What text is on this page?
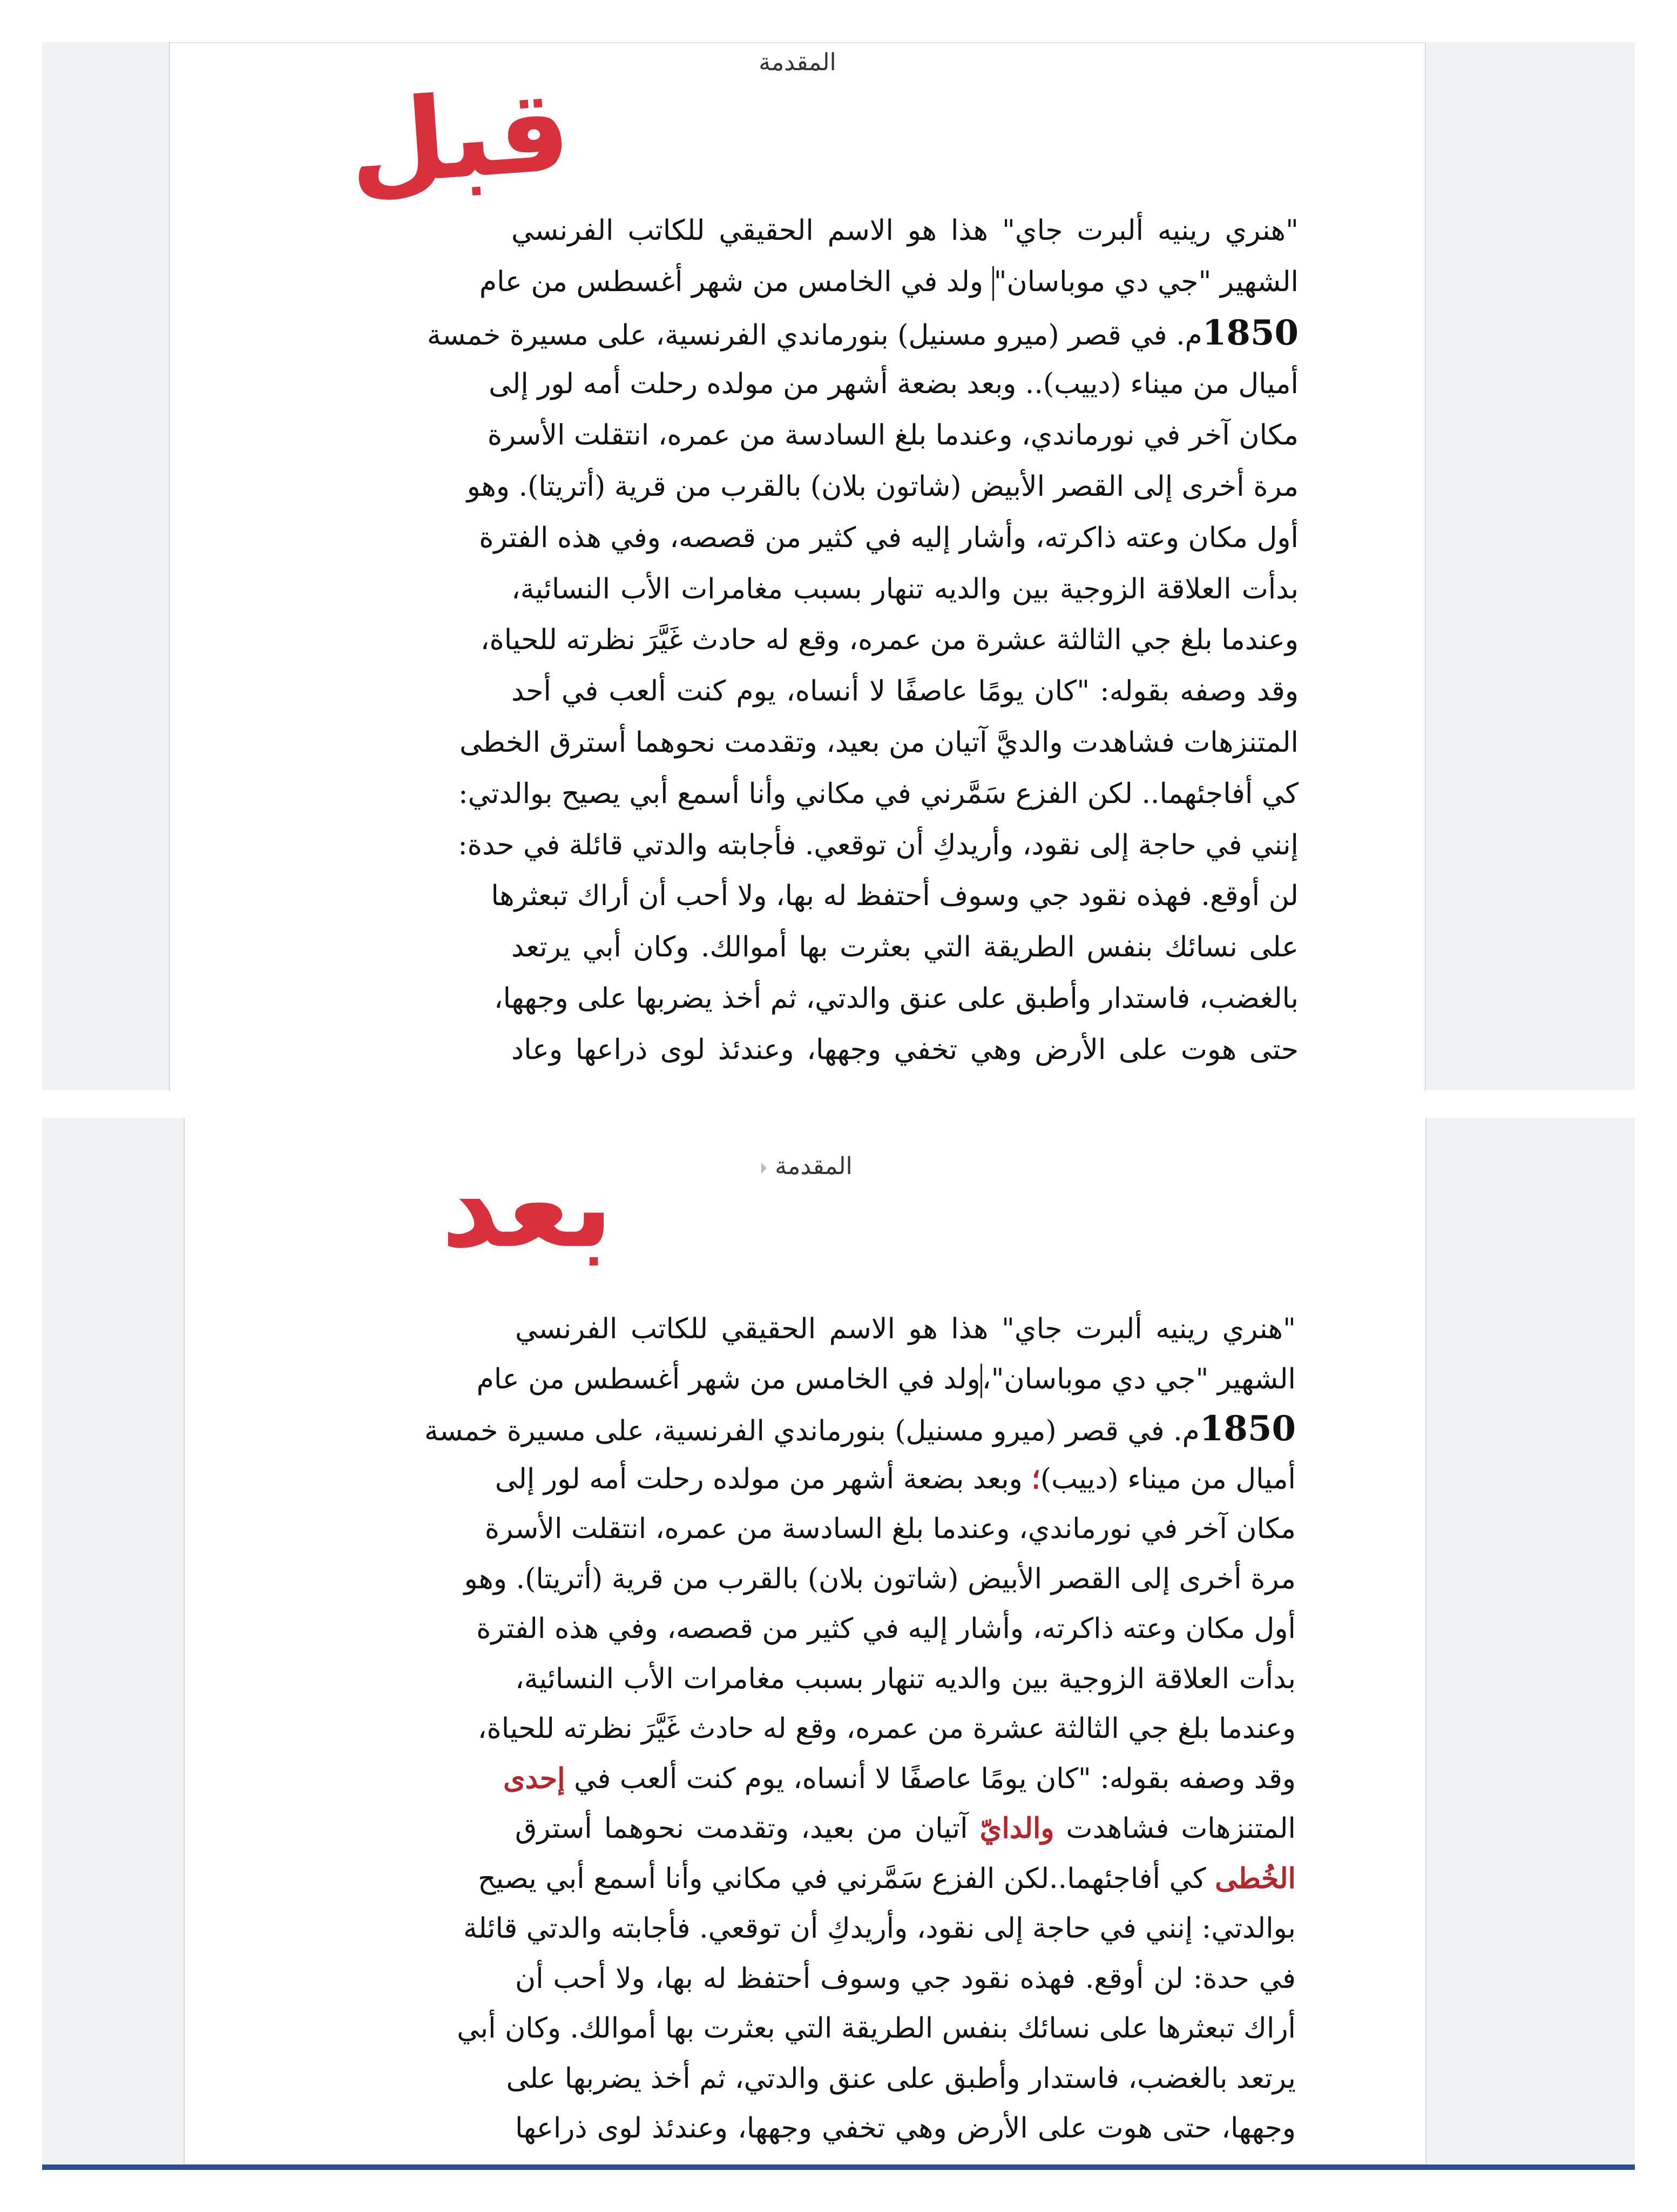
المقدمة
قبل
"هنري رينيه ألبرت جاي" هذا هو الاسم الحقيقي للكاتب الفرنسي
الشهير "جي دي موباسان" ولد في الخامس من شهر أغسطس من عام
1850م. في قصر (ميرو مسنيل) بنورماندي الفرنسية، على مسيرة خمسة
أميال من ميناء (دييب).. وبعد بضعة أشهر من مولده رحلت أمه لور إلى
مكان آخر في نورماندي، وعندما بلغ السادسة من عمره، انتقلت الأسرة
مرة أخرى إلى القصر الأبيض (شاتون بلان) بالقرب من قرية (أتريتا). وهو
أول مكان وعته ذاكرته، وأشار إليه في كثير من قصصه، وفي هذه الفترة
بدأت العلاقة الزوجية بين والديه تنهار بسبب مغامرات الأب النسائية،
وعندما بلغ جي الثالثة عشرة من عمره، وقع له حادث غَيَّرَ نظرته للحياة،
وقد وصفه بقوله: "كان يومًا عاصفًا لا أنساه، يوم كنت ألعب في أحد
المتنزهات فشاهدت والديَّ آتيان من بعيد، وتقدمت نحوهما أسترق الخطى
كي أفاجئهما.. لكن الفزع سَمَّرني في مكاني وأنا أسمع أبي يصيح بوالدتي:
إنني في حاجة إلى نقود، وأريدكِ أن توقعي. فأجابته والدتي قائلة في حدة:
لن أوقع. فهذه نقود جي وسوف أحتفظ له بها، ولا أحب أن أراك تبعثرها
على نسائك بنفس الطريقة التي بعثرت بها أموالك. وكان أبي يرتعد
بالغضب، فاستدار وأطبق على عنق والدتي، ثم أخذ يضربها على وجهها،
حتى هوت على الأرض وهي تخفي وجهها، وعندئذ لوى ذراعها وعاد
المقدمة
بعد
"هنري رينيه ألبرت جاي" هذا هو الاسم الحقيقي للكاتب الفرنسي
الشهير "جي دي موباسان"،ولد في الخامس من شهر أغسطس من عام
1850م. في قصر (ميرو مسنيل) بنورماندي الفرنسية، على مسيرة خمسة
أميال من ميناء (دييب)؛ وبعد بضعة أشهر من مولده رحلت أمه لور إلى
مكان آخر في نورماندي، وعندما بلغ السادسة من عمره، انتقلت الأسرة
مرة أخرى إلى القصر الأبيض (شاتون بلان) بالقرب من قرية (أتريتا). وهو
أول مكان وعته ذاكرته، وأشار إليه في كثير من قصصه، وفي هذه الفترة
بدأت العلاقة الزوجية بين والديه تنهار بسبب مغامرات الأب النسائية،
وعندما بلغ جي الثالثة عشرة من عمره، وقع له حادث غَيَّرَ نظرته للحياة،
وقد وصفه بقوله: "كان يومًا عاصفًا لا أنساه، يوم كنت ألعب في إحدى
المتنزهات فشاهدت والدايّ آتيان من بعيد، وتقدمت نحوهما أسترق
الخُطى كي أفاجئهما..لكن الفزع سَمَّرني في مكاني وأنا أسمع أبي يصيح
بوالدتي: إنني في حاجة إلى نقود، وأريدكِ أن توقعي. فأجابته والدتي قائلة
في حدة: لن أوقع. فهذه نقود جي وسوف أحتفظ له بها، ولا أحب أن
أراك تبعثرها على نسائك بنفس الطريقة التي بعثرت بها أموالك. وكان أبي
يرتعد بالغضب، فاستدار وأطبق على عنق والدتي، ثم أخذ يضربها على
وجهها، حتى هوت على الأرض وهي تخفي وجهها، وعندئذ لوى ذراعها
